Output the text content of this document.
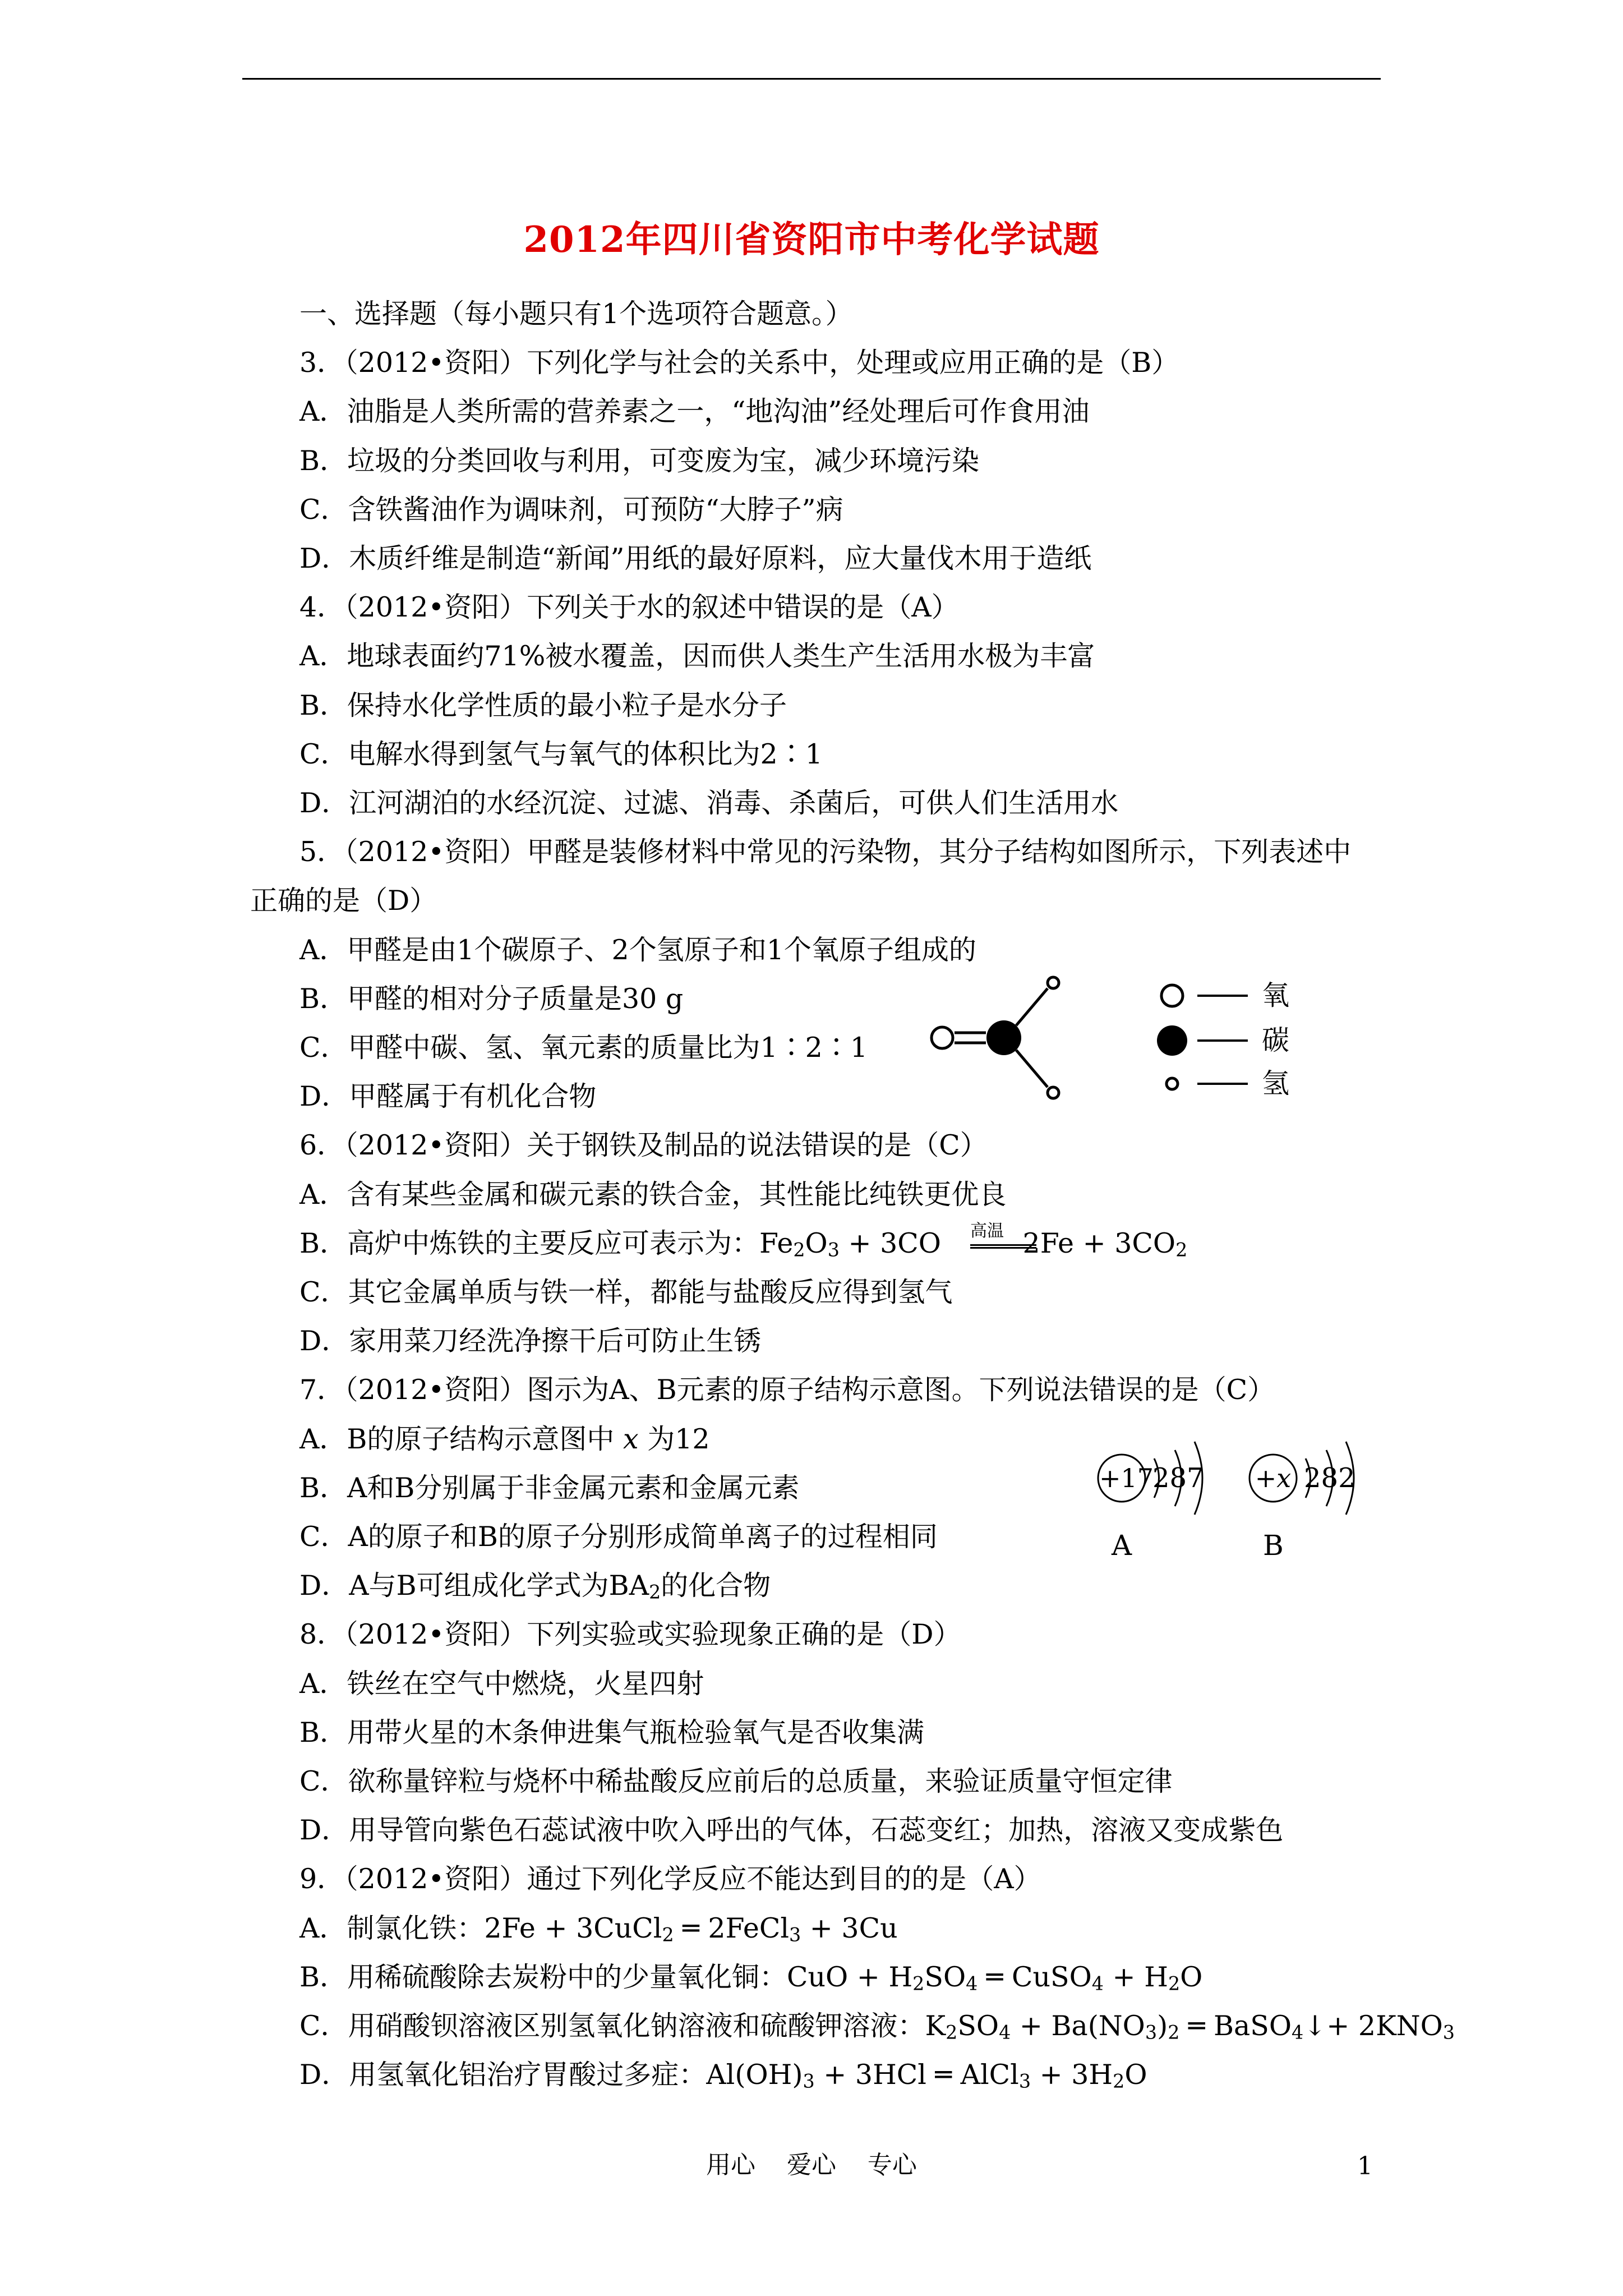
2012年四川省资阳市中考化学试题
一、选择题（每小题只有1个选项符合题意。）
3．（2012•资阳）下列化学与社会的关系中，处理或应用正确的是（B）
A．油脂是人类所需的营养素之一，“地沟油”经处理后可作食用油
B．垃圾的分类回收与利用，可变废为宝，减少环境污染
C．含铁酱油作为调味剂，可预防“大脖子”病
D．木质纤维是制造“新闻”用纸的最好原料，应大量伐木用于造纸
4．（2012•资阳）下列关于水的叙述中错误的是（A）
A．地球表面约71%被水覆盖，因而供人类生产生活用水极为丰富
B．保持水化学性质的最小粒子是水分子
C．电解水得到氢气与氧气的体积比为2∶1
D．江河湖泊的水经沉淀、过滤、消毒、杀菌后，可供人们生活用水
5．（2012•资阳）甲醛是装修材料中常见的污染物，其分子结构如图所示，下列表述中
正确的是（D）
A．甲醛是由1个碳原子、2个氢原子和1个氧原子组成的
B．甲醛的相对分子质量是30 g
C．甲醛中碳、氢、氧元素的质量比为1∶2∶1
D．甲醛属于有机化合物
6．（2012•资阳）关于钢铁及制品的说法错误的是（C）
A．含有某些金属和碳元素的铁合金，其性能比纯铁更优良
B．高炉中炼铁的主要反应可表示为：$Fe_2O_3 + 3CO$	$2Fe + 3CO_2$
C．其它金属单质与铁一样，都能与盐酸反应得到氢气
D．家用菜刀经洗净擦干后可防止生锈
7．（2012•资阳）图示为A、B元素的原子结构示意图。下列说法错误的是（C）
A．B的原子结构示意图中 x 为12
B．A和B分别属于非金属元素和金属元素
C．A的原子和B的原子分别形成简单离子的过程相同
D．A与B可组成化学式为$BA_2$的化合物
8．（2012•资阳）下列实验或实验现象正确的是（D）
A．铁丝在空气中燃烧，火星四射
B．用带火星的木条伸进集气瓶检验氧气是否收集满
C．欲称量锌粒与烧杯中稀盐酸反应前后的总质量，来验证质量守恒定律
D．用导管向紫色石蕊试液中吹入呼出的气体，石蕊变红；加热，溶液又变成紫色
9．（2012•资阳）通过下列化学反应不能达到目的的是（A）
A．制氯化铁：2Fe + 3CuCl$_2$ ═ 2FeCl$_3$ + 3Cu
B．用稀硫酸除去炭粉中的少量氧化铜：CuO + $H_2SO_4$ ═ CuSO$_4$ + $H_2O$
C．用硝酸钡溶液区别氢氧化钠溶液和硫酸钾溶液：$K_2SO_4 + Ba(NO_3)_2$ ═ BaSO$_4$↓+ $2KNO_3$
D．用氢氧化铝治疗胃酸过多症：$Al(OH)_3 + 3HCl$ ═ AlCl$_3$ + $3H_2O$
氧
碳
氢
高温
+17
287 +x 282
A	B
用心    爱心    专心	1
